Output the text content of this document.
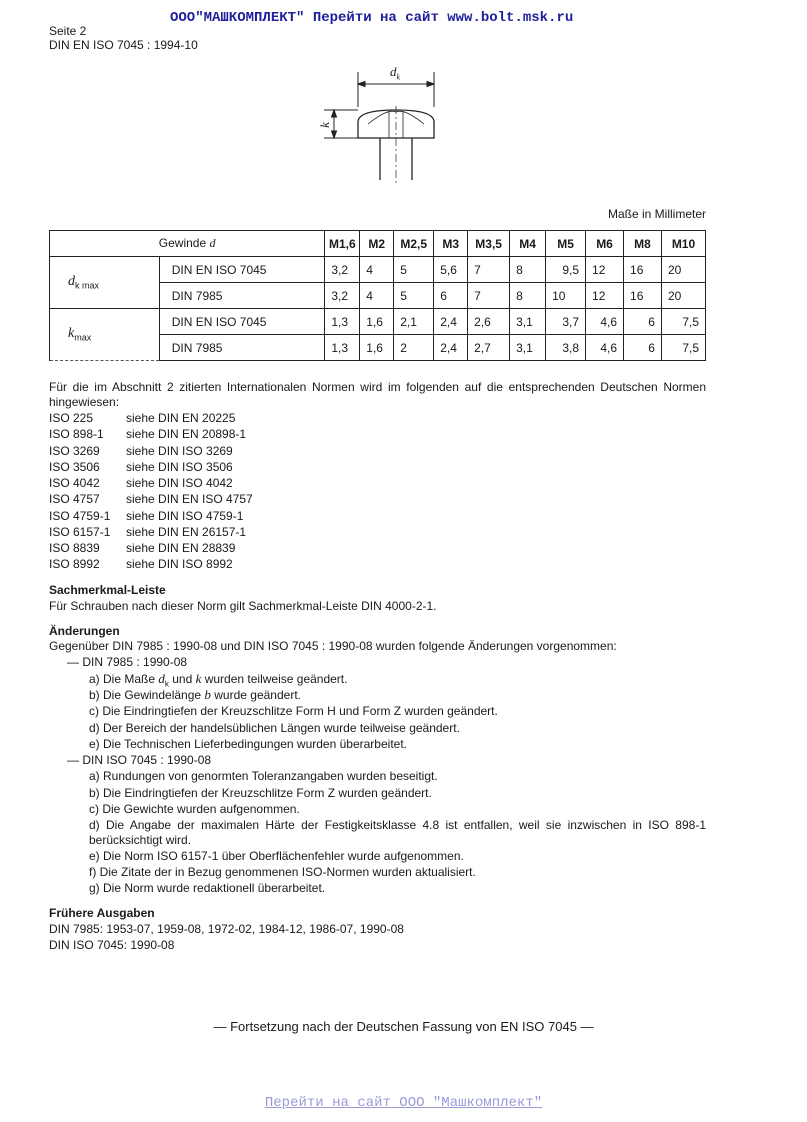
ООО"МАШКОМПЛЕКТ" Перейти на сайт www.bolt.msk.ru
Seite 2
DIN EN ISO 7045 : 1994-10
$d_k$
k
Maße in Millimeter
Gewinde d		M1,6	M2	M2,5	M3	M3,5	M4	M5	M6	M8	M10
$d_{k max}$	DIN EN ISO 7045	3,2	4	5	5,6	7	8	9,5	12	16	20
	DIN 7985	3,2	4	5	6	7	8	10	12	16	20
$k_{max}$	DIN EN ISO 7045	1,3	1,6	2,1	2,4	2,6	3,1	3,7	4,6	6	7,5
	DIN 7985	1,3	1,6	2	2,4	2,7	3,1	3,8	4,6	6	7,5
Für die im Abschnitt 2 zitierten Internationalen Normen wird im folgenden auf die entsprechenden Deutschen Normen
hingewiesen:
ISO 225	siehe DIN EN 20225
ISO 898-1 siehe DIN EN 20898-1
ISO 3269 siehe DIN ISO 3269
ISO 3506 siehe DIN ISO 3506
ISO 4042 siehe DIN ISO 4042
ISO 4757 siehe DIN EN ISO 4757
ISO 4759-1 siehe DIN ISO 4759-1
ISO 6157-1 siehe DIN EN 26157-1
ISO 8839 siehe DIN EN 28839
ISO 8992 siehe DIN ISO 8992
Sachmerkmal-Leiste
Für Schrauben nach dieser Norm gilt Sachmerkmal-Leiste DIN 4000-2-1.
Änderungen
Gegenüber DIN 7985 : 1990-08 und DIN ISO 7045 : 1990-08 wurden folgende Änderungen vorgenommen:
— DIN 7985 : 1990-08
a) Die Maße $d_k$ und k wurden teilweise geändert.
b) Die Gewindelänge b wurde geändert.
c) Die Eindringtiefen der Kreuzschlitze Form H und Form Z wurden geändert.
d) Der Bereich der handelsüblichen Längen wurde teilweise geändert.
e) Die Technischen Lieferbedingungen wurden überarbeitet.
— DIN ISO 7045 : 1990-08
a) Rundungen von genormten Toleranzangaben wurden beseitigt.
b) Die Eindringtiefen der Kreuzschlitze Form Z wurden geändert.
c) Die Gewichte wurden aufgenommen.
d) Die Angabe der maximalen Härte der Festigkeitsklasse 4.8 ist entfallen, weil sie inzwischen in ISO 898-1
berücksichtigt wird.
e) Die Norm ISO 6157-1 über Oberflächenfehler wurde aufgenommen.
f) Die Zitate der in Bezug genommenen ISO-Normen wurden aktualisiert.
g) Die Norm wurde redaktionell überarbeitet.
Frühere Ausgaben
DIN 7985: 1953-07, 1959-08, 1972-02, 1984-12, 1986-07, 1990-08
DIN ISO 7045: 1990-08
— Fortsetzung nach der Deutschen Fassung von EN ISO 7045 —
Перейти на сайт ООО "Машкомплект"
